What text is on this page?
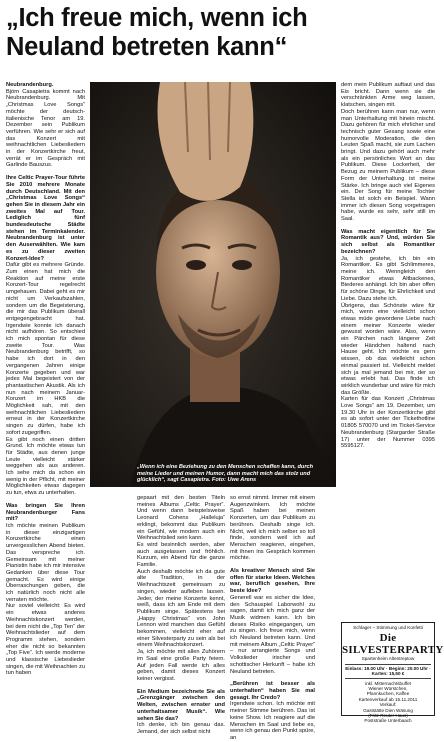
„Ich freue mich, wenn ich
Neuland betreten kann“

Neubrandenburg.

Björn Casapietra kommt nach Neubrandenburg. Mit „Christmas Love Songs“ möchte der deutsch-italienische Tenor am 19. Dezember sein Publikum verführen. Wie sehr er sich auf das Konzert mit weihnachtlichen Liebesliedern in der Konzertkirche freut, verrät er im Gespräch mit Garlinde Bauszus.

Ihre Celtic Prayer-Tour führte Sie 2010 mehrere Monate durch Deutschland. Mit den „Christmas Love Songs“ gehen Sie in diesem Jahr ein zweites Mal auf Tour. Lediglich fünf bundesdeutsche Städte stehen im Terminkalender. Neubrandenburg ist unter den Auserwählten. Wie kam es zu dieser zweiten Konzert-Idee?

Dafür gibt es mehrere Gründe. Zum einen hat mich die Reaktion auf meine erste Konzert-Tour regelrecht umgehauen. Dabei geht es mir nicht um Verkaufszahlen, sondern um die Begeisterung, die mir das Publikum überall entgegengebracht hat. Irgendwie konnte ich danach nicht aufhören. So entschied ich mich spontan für diese zweite Tour. Was Neubrandenburg betrifft, so habe ich dort in den vergangenen Jahren einige Konzerte gegeben und war jedes Mal begeistert von der phantastischen Akustik. Als ich nun nach meinem Januar-Konzert im HKB die Möglichkeit sah, mit den weihnachtlichen Liebesliedern erneut in der Konzertkirche singen zu dürfen, habe ich sofort zugegriffen.

Es gibt noch einen dritten Grund. Ich möchte etwas tun für Städte, aus denen junge Leute vielleicht stärker weggehen als aus anderen. Ich sehe mich da schon ein wenig in der Pflicht, mit meiner Möglichkeiten etwas dagegen zu tun, etwa zu unterhalten.

Was bringen Sie Ihren Neubrandenburger Fans mit?

Ich möchte meinen Publikum in dieser einzigartigen Konzertkirche einen unvergesslichen Abend bieten. Das verspreche ich. Gemeinsam mit meiner Pianistin habe ich mir intensive Gedanken über diese Tour gemacht. Es wird einige Überraschungen geben, die ich natürlich noch nicht alle verraten möchte.

Nur soviel vielleicht: Es wird ein etwas anderes Weihnachtskonzert werden, bei dem nicht die „Top Ten“ der Weihnachtslieder auf dem Programm stehen, sondern eher die nicht so bekannten „Top Five“. Ich werde moderne und klassische Liebeslieder singen, die mit Weihnachten zu tun haben

„Wenn ich eine Beziehung zu den Menschen schaffen kann, durch meine Lieder und meinen Humor, dann macht mich das stolz und glücklich“, sagt Casapietra. Foto: Uwe Arens

gepaart mit den besten Titeln meines Albums „Celtic Prayer“. Und wenn dann beispielsweise Leonard Cohens „Halleluja“ erklingt, bekommt das Publikum ein Gefühl, wie modern auch ein Weihnachtslied sein kann.

Es wird besinnlich werden, aber auch ausgelassen und fröhlich. Kurzum, ein Abend für die ganze Familie.

Auch deshalb möchte ich da gute alte Tradition, in der Weihnachtszeit gemeinsam zu singen, wieder aufleben lassen. Jeder, der meine Konzerte kennt, weiß, dass ich am Ende mit dem Publikum singe. Spätestens bei „Happy Christmas“ von John Lennon wird manchen das Gefühl bekommen, vielleicht eher auf einer Silvesterparty zu sein als bei einem Weihnachtskonzert.

Ja, ich möchte mit allen Zuhörern im Saal eine große Party feiern. Auf jeden Fall werde ich alles geben, damit dieses Konzert keiner vergisst.

Ein Medium bezeichnete Sie als „Grenzgänger zwischen den Welten, zwischen ernster und unterhaltsamer Musik“. Wie sehen Sie das?

Ich denke, ich bin genau das. Jemand, der sich selbst nicht

so ernst nimmt. Immer mit einem Augenzwinkern. Ich möchte Spaß haben bei meinen Konzerten, um das Publikum zu berühren. Deshalb singe ich. Nicht, weil ich mich selber so toll finde, sondern weil ich auf Menschen reagieren, eingehen, mit ihnen ins Gespräch kommen möchte.

Als kreativer Mensch sind Sie offen für starke Ideen. Welches war, beruflich gesehen, Ihre beste Idee?

Generell war es sicher die Idee, den Schauspiel Laborwohl zu sagen, damit ich mich ganz der Musik widmen kann. Ich bin dieses Risiko eingegangen, um zu singen. Ich freue mich, wenn ich Neuland betreten kann. Und mit meinem Album „Celtic Prayer“ – nur arrangierte Songs und Volkslieder irischer und schottischer Herkunft – habe ich Neuland betreten.

„Berühren ist besser als unterhalten“ haben Sie mal gesagt. Ihr Credo?

Irgendwie schon. Ich möchte mit meiner Stimme berühren. Das ist keine Show. Ich reagiere auf die Menschen im Saal und liebe es, wenn ich genau den Punkt spüre, an

dem mein Publikum auftaut und das Eis bricht. Dann wenn sie die verschränkten Arme weg lassen, klatschen, singen mit.

Doch berühren kann man nur, wenn man Unterhaltung mit hinein mischt. Dazu gehören für mich ehrlicher und technisch guter Gesang sowie eine humorvolle Moderation, die den Leuten Spaß macht, sie zum Lachen bringt. Und dazu gehört auch mehr als ein persönliches Wort an das Publikum. Diese Lockerheit, der Bezug zu meinem Publikum – diese Form der Unterhaltung ist meine Stärke. Ich bringe auch viel Eigenes ein. Der Song für meine Tochter Stella ist solch ein Beispiel. Wann immer ich diesen Song vorgetragen habe, wurde es sehr, sehr still im Saal.

Was macht eigentlich für Sie Romantik aus? Und, würden Sie sich selbst als Romantiker bezeichnen?

Ja, ich gestehe, ich bin ein Romantiker. Es gibt Schlimmeres, meine ich. Wenngleich den Romantiker etwas Altbackenes, Biederes anhängt. Ich bin aber offen für schöne Dinge, für Ehrlichkeit und Liebe. Dazu stehe ich.

Übrigens, das Schönste wäre für mich, wenn eine vielleicht schon etwas müde gewordene Liebe nach einem meiner Konzerte wieder gewusst worden wäre. Also, wenn ein Pärchen nach längerer Zeit wieder Händchen haltend nach Hause geht. Ich möchte es gern wissen, ob das vielleicht schon einmal passiert ist. Vielleicht meldet sich ja mal jemand bei mir, der so etwas erlebt hat. Das finde ich wirklich wunderbar und wäre für mich das Größte.

Karten für das Konzert „Christmas Love Songs“ am 19. Dezember, um 19.30 Uhr in der Konzertkirche gibt es ab sofort unter der Tickethotline 01805 570070 und im Ticket-Service Neubrandenburg (Stargarder Straße 17) unter der Nummer 0395 5595127.

Schlager – Stimmung und Konfetti
Die SILVESTERPARTY
Spartenheim Altentreptow
Einlass: 19.00 Uhr · Beginn: 20.00 Uhr · Karten: 15,50 €
inkl. Mitternachtsbuffet
Wiener Würstchen,
Pfannkuchen, Kaffee
Kartenverkauf ab 15.11.2011
Verkauf:
Gaststätte Dien Wäsung
(Fritz-Reuter-Haus)
Poststraße Unterbaach
